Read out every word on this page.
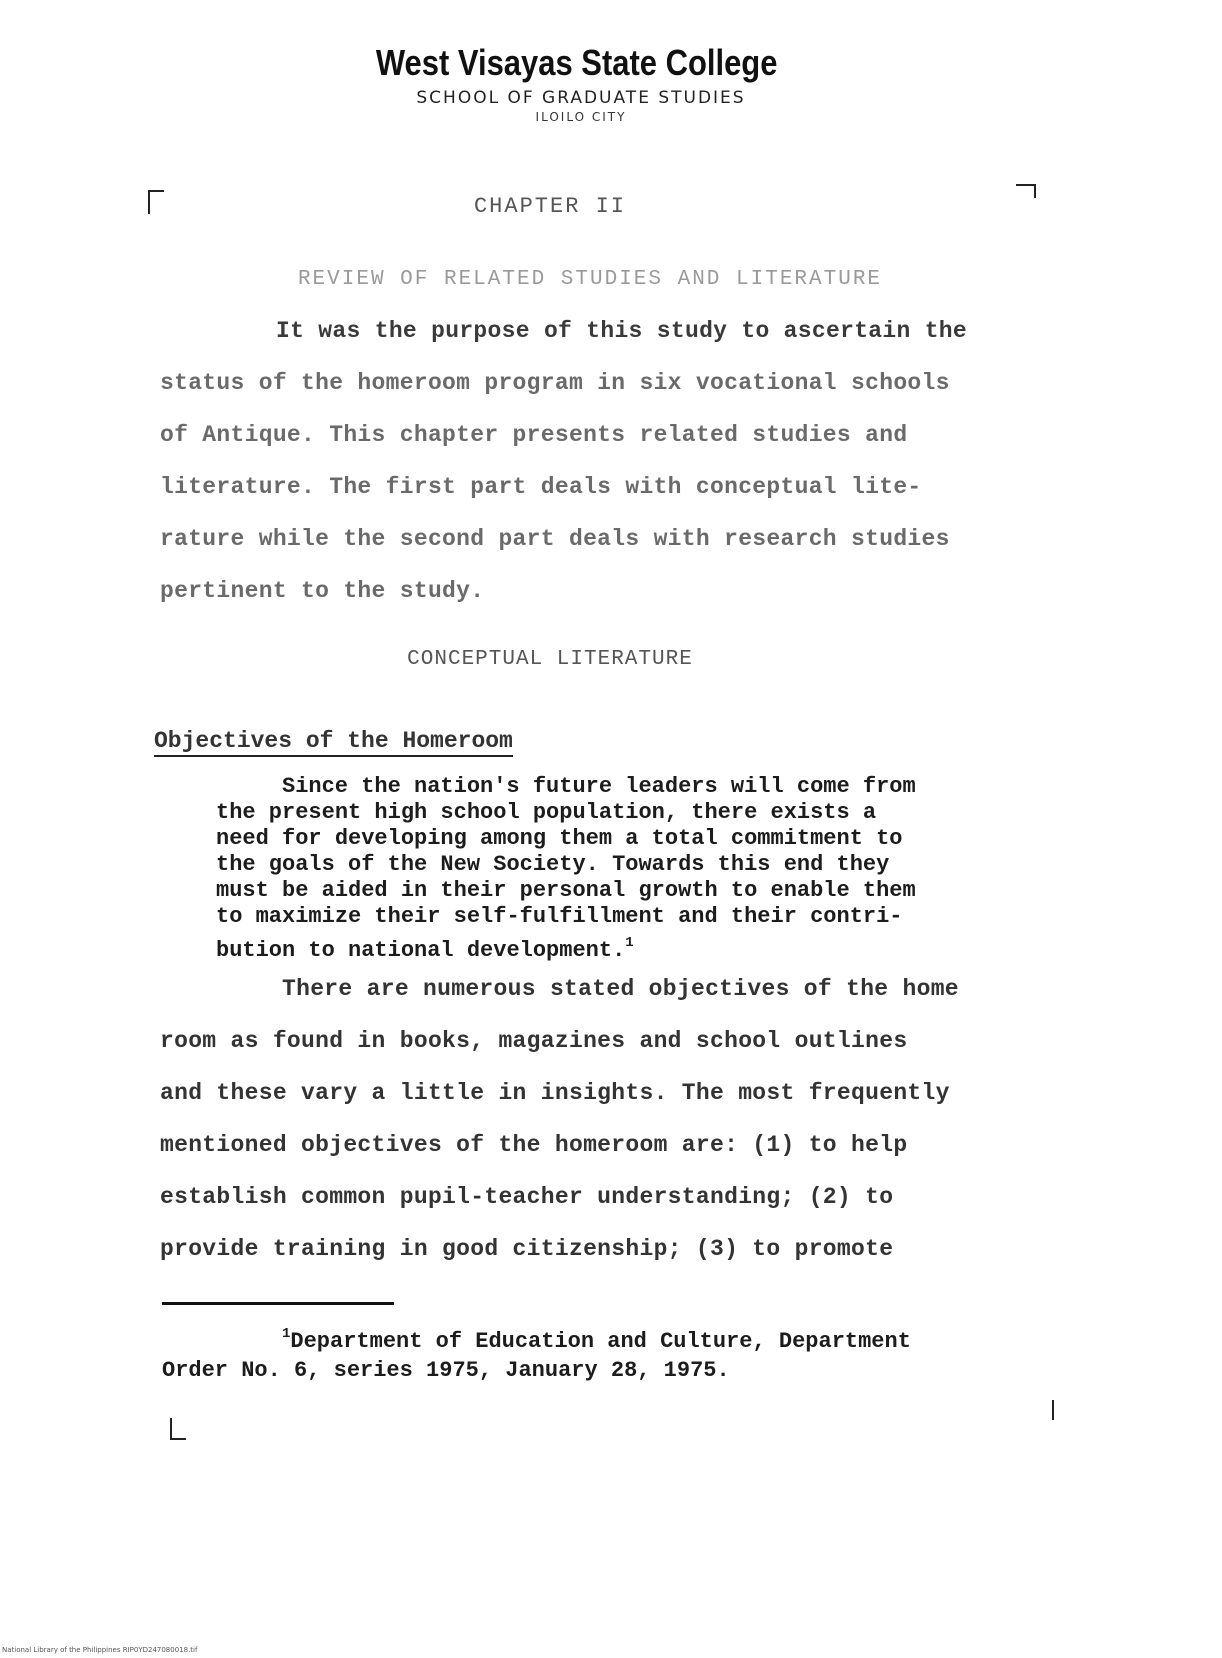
West Visayas State College
SCHOOL OF GRADUATE STUDIES
ILOILO CITY
CHAPTER II
REVIEW OF RELATED STUDIES AND LITERATURE
It was the purpose of this study to ascertain the
status of the homeroom program in six vocational schools
of Antique. This chapter presents related studies and
literature. The first part deals with conceptual lite-
rature while the second part deals with research studies
pertinent to the study.
CONCEPTUAL LITERATURE
Objectives of the Homeroom
Since the nation's future leaders will come from
the present high school population, there exists a
need for developing among them a total commitment to
the goals of the New Society. Towards this end they
must be aided in their personal growth to enable them
to maximize their self-fulfillment and their contri-
bution to national development.$^1$
There are numerous stated objectives of the home
room as found in books, magazines and school outlines
and these vary a little in insights. The most frequently
mentioned objectives of the homeroom are: (1) to help
establish common pupil-teacher understanding; (2) to
provide training in good citizenship; (3) to promote
$^1$Department of Education and Culture, Department
Order No. 6, series 1975, January 28, 1975.
National Library of the Philippines RIP0YD247080018.tif
